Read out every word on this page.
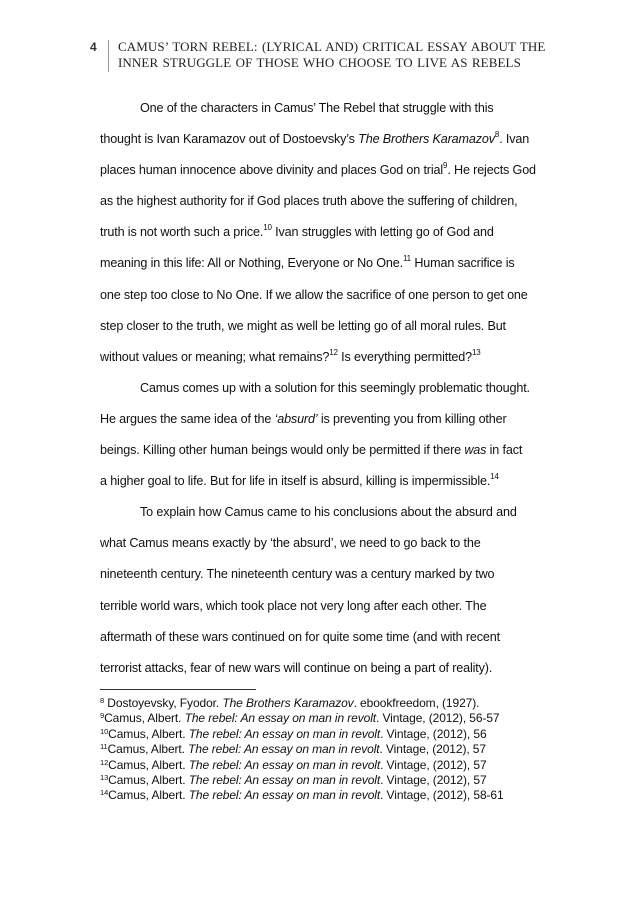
4 CAMUS’ TORN REBEL: (LYRICAL AND) CRITICAL ESSAY ABOUT THE
INNER STRUGGLE OF THOSE WHO CHOOSE TO LIVE AS REBELS
One of the characters in Camus’ The Rebel that struggle with this
thought is Ivan Karamazov out of Dostoevsky’s The Brothers Karamazov$^8$. Ivan
places human innocence above divinity and places God on trial$^9$. He rejects God
as the highest authority for if God places truth above the suffering of children,
truth is not worth such a price.$^{10}$ Ivan struggles with letting go of God and
meaning in this life: All or Nothing, Everyone or No One.$^{11}$ Human sacrifice is
one step too close to No One. If we allow the sacrifice of one person to get one
step closer to the truth, we might as well be letting go of all moral rules. But
without values or meaning; what remains?$^{12}$ Is everything permitted?$^{13}$
Camus comes up with a solution for this seemingly problematic thought.
He argues the same idea of the ‘absurd’ is preventing you from killing other
beings. Killing other human beings would only be permitted if there was in fact
a higher goal to life. But for life in itself is absurd, killing is impermissible.$^{14}$
To explain how Camus came to his conclusions about the absurd and
what Camus means exactly by ‘the absurd’, we need to go back to the
nineteenth century. The nineteenth century was a century marked by two
terrible world wars, which took place not very long after each other. The
aftermath of these wars continued on for quite some time (and with recent
terrorist attacks, fear of new wars will continue on being a part of reality).
$^8$ Dostoyevsky, Fyodor. The Brothers Karamazov. ebookfreedom, (1927).
$^9$Camus, Albert. The rebel: An essay on man in revolt. Vintage, (2012), 56-57
$^{10}$Camus, Albert. The rebel: An essay on man in revolt. Vintage, (2012), 56
$^{11}$Camus, Albert. The rebel: An essay on man in revolt. Vintage, (2012), 57
$^{12}$Camus, Albert. The rebel: An essay on man in revolt. Vintage, (2012), 57
$^{13}$Camus, Albert. The rebel: An essay on man in revolt. Vintage, (2012), 57
$^{14}$Camus, Albert. The rebel: An essay on man in revolt. Vintage, (2012), 58-61
